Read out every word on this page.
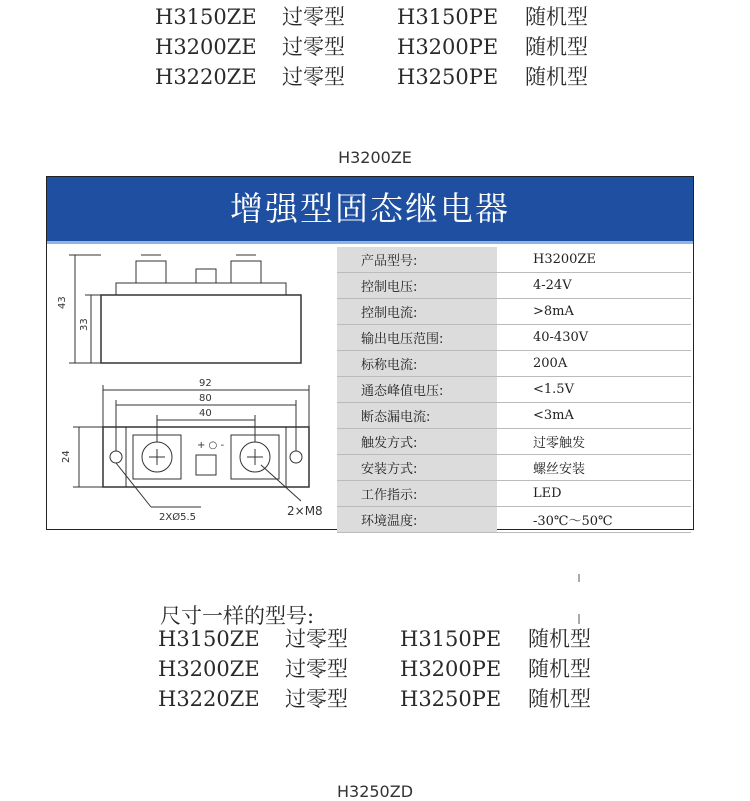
H3150ZE 过零型 H3150PE 随机型
H3200ZE 过零型 H3200PE 随机型
H3220ZE 过零型 H3250PE 随机型
H3200ZE
增强型固态继电器
43
33
92
80
40
24
+ ○ -
2XØ5.5	2×M8
产品型号:	H3200ZE
控制电压:	4-24V
控制电流:	>8mA
输出电压范围:	40-430V
标称电流:	200A
通态峰值电压:	<1.5V
断态漏电流:	<3mA
触发方式:	过零触发
安装方式:	螺丝安装
工作指示:	LED
环境温度:	-30℃～50℃
尺寸一样的型号:
H3150ZE 过零型 H3150PE 随机型
H3200ZE 过零型 H3200PE 随机型
H3220ZE 过零型 H3250PE 随机型
H3250ZD
